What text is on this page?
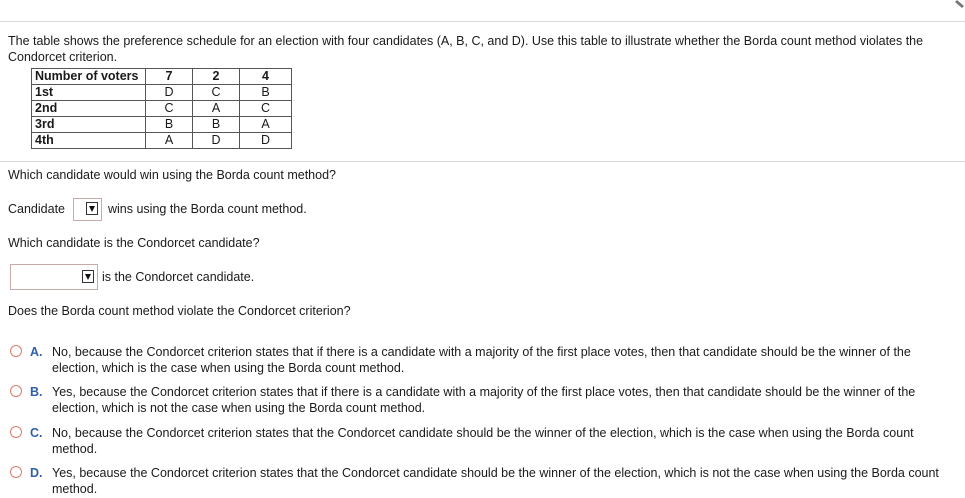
The table shows the preference schedule for an election with four candidates (A, B, C, and D). Use this table to illustrate whether the Borda count method violates the Condorcet criterion.
Number of voters	7	2	4
1st	D	C	B
2nd	C	A	C
3rd	B	B	A
4th	A	D	D
Which candidate would win using the Borda count method?
Candidate	wins using the Borda count method.
Which candidate is the Condorcet candidate?
is the Condorcet candidate.
Does the Borda count method violate the Condorcet criterion?
A. No, because the Condorcet criterion states that if there is a candidate with a majority of the first place votes, then that candidate should be the winner of the election, which is the case when using the Borda count method.
B. Yes, because the Condorcet criterion states that if there is a candidate with a majority of the first place votes, then that candidate should be the winner of the election, which is not the case when using the Borda count method.
C. No, because the Condorcet criterion states that the Condorcet candidate should be the winner of the election, which is the case when using the Borda count method.
D. Yes, because the Condorcet criterion states that the Condorcet candidate should be the winner of the election, which is not the case when using the Borda count method.
